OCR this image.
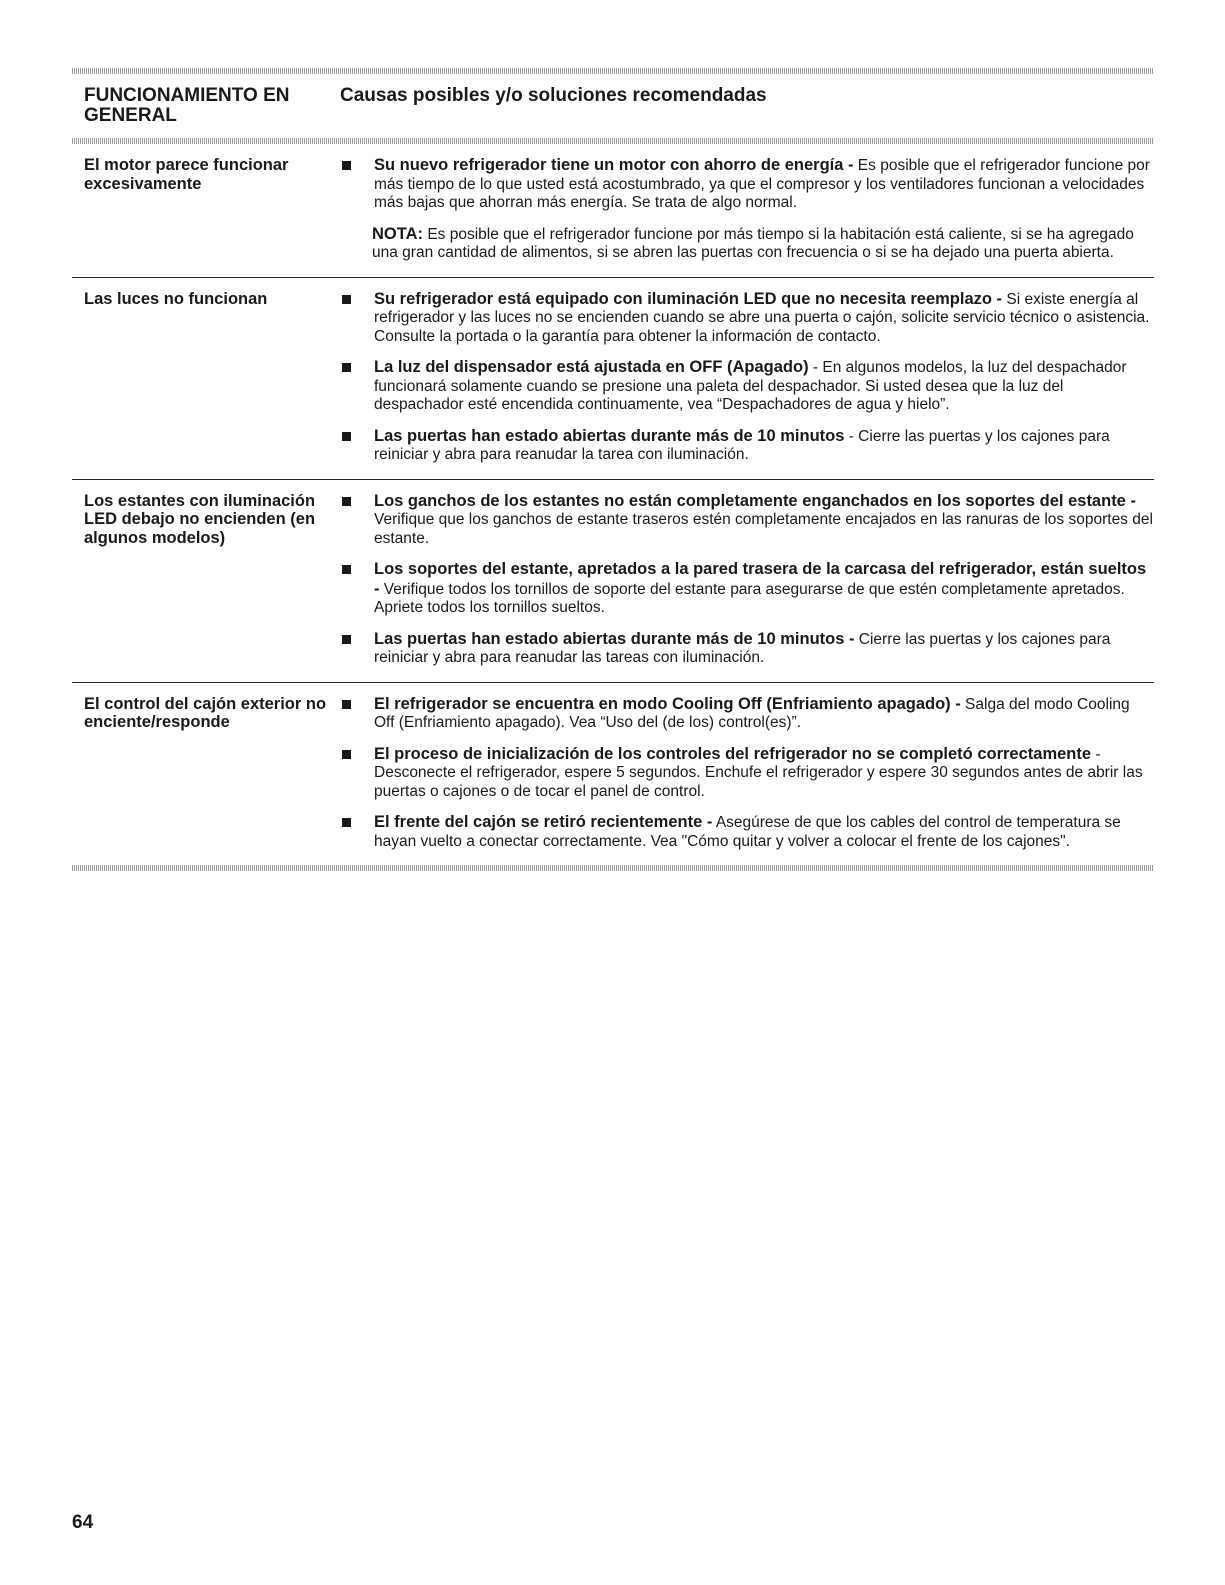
FUNCIONAMIENTO EN GENERAL
Causas posibles y/o soluciones recomendadas
El motor parece funcionar excesivamente
Su nuevo refrigerador tiene un motor con ahorro de energía - Es posible que el refrigerador funcione por más tiempo de lo que usted está acostumbrado, ya que el compresor y los ventiladores funcionan a velocidades más bajas que ahorran más energía. Se trata de algo normal.
NOTA: Es posible que el refrigerador funcione por más tiempo si la habitación está caliente, si se ha agregado una gran cantidad de alimentos, si se abren las puertas con frecuencia o si se ha dejado una puerta abierta.
Las luces no funcionan	Su refrigerador está equipado con iluminación LED que no necesita reemplazo - Si existe energía al refrigerador y las luces no se encienden cuando se abre una puerta o cajón, solicite servicio técnico o asistencia. Consulte la portada o la garantía para obtener la información de contacto.
La luz del dispensador está ajustada en OFF (Apagado) - En algunos modelos, la luz del despachador funcionará solamente cuando se presione una paleta del despachador. Si usted desea que la luz del despachador esté encendida continuamente, vea “Despachadores de agua y hielo”.
Las puertas han estado abiertas durante más de 10 minutos - Cierre las puertas y los cajones para reiniciar y abra para reanudar la tarea con iluminación.
Los estantes con iluminación LED debajo no encienden (en algunos modelos)
Los ganchos de los estantes no están completamente enganchados en los soportes del estante - Verifique que los ganchos de estante traseros estén completamente encajados en las ranuras de los soportes del estante.
Los soportes del estante, apretados a la pared trasera de la carcasa del refrigerador, están sueltos - Verifique todos los tornillos de soporte del estante para asegurarse de que estén completamente apretados. Apriete todos los tornillos sueltos.
Las puertas han estado abiertas durante más de 10 minutos - Cierre las puertas y los cajones para reiniciar y abra para reanudar las tareas con iluminación.
El control del cajón exterior no enciente/responde
El refrigerador se encuentra en modo Cooling Off (Enfriamiento apagado) - Salga del modo Cooling Off (Enfriamiento apagado). Vea “Uso del (de los) control(es)”.
El proceso de inicialización de los controles del refrigerador no se completó correctamente - Desconecte el refrigerador, espere 5 segundos. Enchufe el refrigerador y espere 30 segundos antes de abrir las puertas o cajones o de tocar el panel de control.
El frente del cajón se retiró recientemente - Asegúrese de que los cables del control de temperatura se hayan vuelto a conectar correctamente. Vea "Cómo quitar y volver a colocar el frente de los cajones".
64
